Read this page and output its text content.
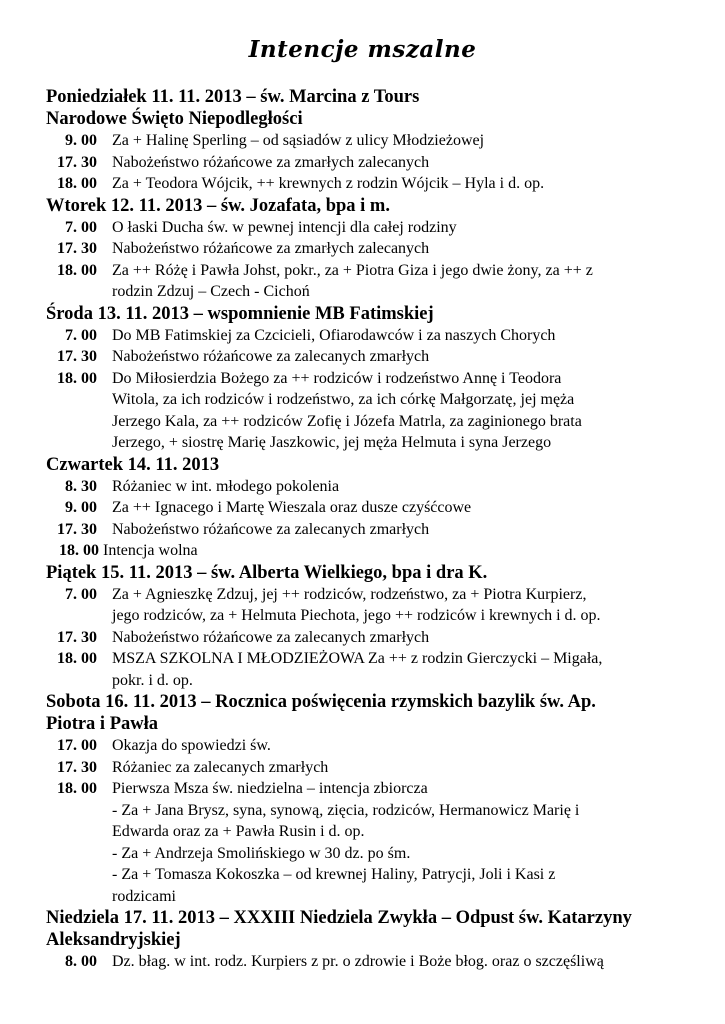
Intencje mszalne
Poniedziałek 11. 11. 2013 – św. Marcina z Tours
Narodowe Święto Niepodległości
9. 00 Za + Halinę Sperling – od sąsiadów z ulicy Młodzieżowej
17. 30 Nabożeństwo różańcowe za zmarłych zalecanych
18. 00 Za + Teodora Wójcik, ++ krewnych z rodzin Wójcik – Hyla i d. op.
Wtorek 12. 11. 2013 – św. Jozafata, bpa i m.
7. 00 O łaski Ducha św. w pewnej intencji dla całej rodziny
17. 30 Nabożeństwo różańcowe za zmarłych zalecanych
18. 00 Za ++ Różę i Pawła Johst, pokr., za + Piotra Giza i jego dwie żony, za ++ z
rodzin Zdzuj – Czech - Cichoń
Środa 13. 11. 2013 – wspomnienie MB Fatimskiej
7. 00 Do MB Fatimskiej za Czcicieli, Ofiarodawców i za naszych Chorych
17. 30 Nabożeństwo różańcowe za zalecanych zmarłych
18. 00 Do Miłosierdzia Bożego za ++ rodziców i rodzeństwo Annę i Teodora
Witola, za ich rodziców i rodzeństwo, za ich córkę Małgorzatę, jej męża
Jerzego Kala, za ++ rodziców Zofię i Józefa Matrla, za zaginionego brata
Jerzego, + siostrę Marię Jaszkowic, jej męża Helmuta i syna Jerzego
Czwartek 14. 11. 2013
8. 30 Różaniec w int. młodego pokolenia
9. 00 Za ++ Ignacego i Martę Wieszala oraz dusze czyśćcowe
17. 30 Nabożeństwo różańcowe za zalecanych zmarłych
18. 00 Intencja wolna
Piątek 15. 11. 2013 – św. Alberta Wielkiego, bpa i dra K.
7. 00 Za + Agnieszkę Zdzuj, jej ++ rodziców, rodzeństwo, za + Piotra Kurpierz,
jego rodziców, za + Helmuta Piechota, jego ++ rodziców i krewnych i d. op.
17. 30 Nabożeństwo różańcowe za zalecanych zmarłych
18. 00 MSZA SZKOLNA I MŁODZIEŻOWA Za ++ z rodzin Gierczycki – Migała,
pokr. i d. op.
Sobota 16. 11. 2013 – Rocznica poświęcenia rzymskich bazylik św. Ap.
Piotra i Pawła
17. 00 Okazja do spowiedzi św.
17. 30 Różaniec za zalecanych zmarłych
18. 00 Pierwsza Msza św. niedzielna – intencja zbiorcza
- Za + Jana Brysz, syna, synową, zięcia, rodziców, Hermanowicz Marię i
Edwarda oraz za + Pawła Rusin i d. op.
- Za + Andrzeja Smolińskiego w 30 dz. po śm.
- Za + Tomasza Kokoszka – od krewnej Haliny, Patrycji, Joli i Kasi z
rodzicami
Niedziela 17. 11. 2013 – XXXIII Niedziela Zwykła – Odpust św. Katarzyny
Aleksandryjskiej
8. 00 Dz. błag. w int. rodz. Kurpiers z pr. o zdrowie i Boże błog. oraz o szczęśliwą
